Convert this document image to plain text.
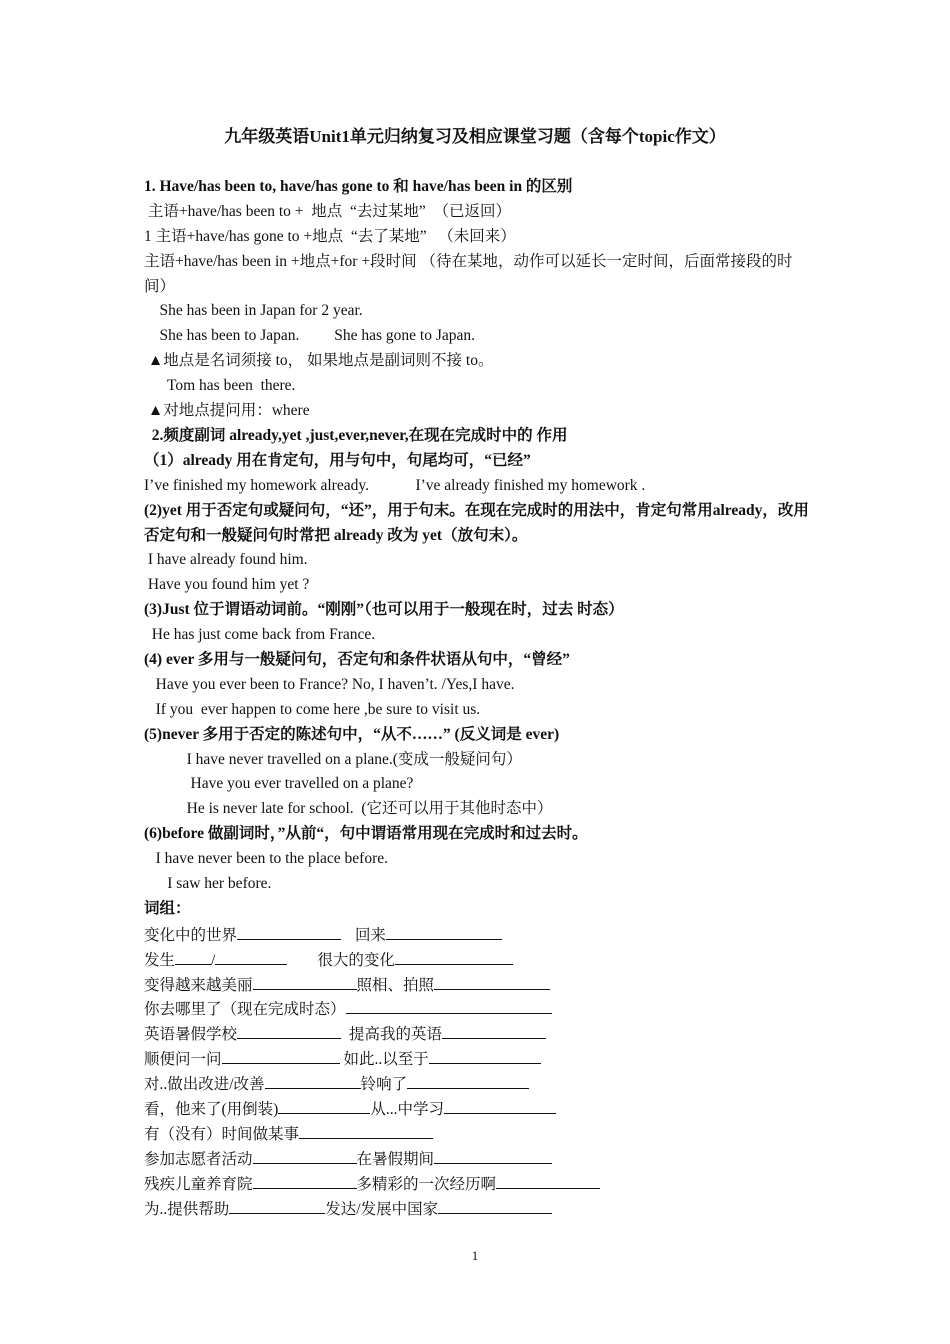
九年级英语Unit1单元归纳复习及相应课堂习题（含每个topic作文）
1. Have/has been to, have/has gone to 和 have/has been in 的区别
主语+have/has been to +  地点  “去过某地”  （已返回）
1 主语+have/has gone to +地点  “去了某地”   （未回来）
主语+have/has been in +地点+for +段时间 （待在某地，动作可以延长一定时间，后面常接段的时间）
She has been in Japan for 2 year.
She has been to Japan.         She has gone to Japan.
▲地点是名词须接 to， 如果地点是副词则不接 to。
Tom has been  there.
▲对地点提问用：where
2.频度副词 already,yet ,just,ever,never,在现在完成时中的 作用
（1）already 用在肯定句，用与句中，句尾均可，“已经”
I’ve finished my homework already.            I’ve already finished my homework .
(2)yet 用于否定句或疑问句，“还”，用于句末。在现在完成时的用法中，肯定句常用already，改用否定句和一般疑问句时常把 already 改为 yet（放句末）。
I have already found him.
Have you found him yet ?
(3)Just 位于谓语动词前。“刚刚”（也可以用于一般现在时，过去 时态）
He has just come back from France.
(4) ever 多用与一般疑问句，否定句和条件状语从句中，“曾经”
Have you ever been to France? No, I haven’t. /Yes,I have.
If you  ever happen to come here ,be sure to visit us.
(5)never 多用于否定的陈述句中，“从不……” (反义词是 ever)
I have never travelled on a plane.(变成一般疑问句）
Have you ever travelled on a plane?
He is never late for school.  (它还可以用于其他时态中）
(6)before 做副词时，”从前“，句中谓语常用现在完成时和过去时。
I have never been to the place before.
I saw her before.
词组：
变化中的世界	回来
发生 /	很大的变化
变得越来越美丽	照相、拍照
你去哪里了（现在完成时态）
英语暑假学校	提高我的英语
顺便问一问	如此..以至于
对..做出改进/改善	铃响了
看，他来了(用倒装)	从...中学习
有（没有）时间做某事
参加志愿者活动	在暑假期间
残疾儿童养育院	多精彩的一次经历啊
为..提供帮助	发达/发展中国家
1
